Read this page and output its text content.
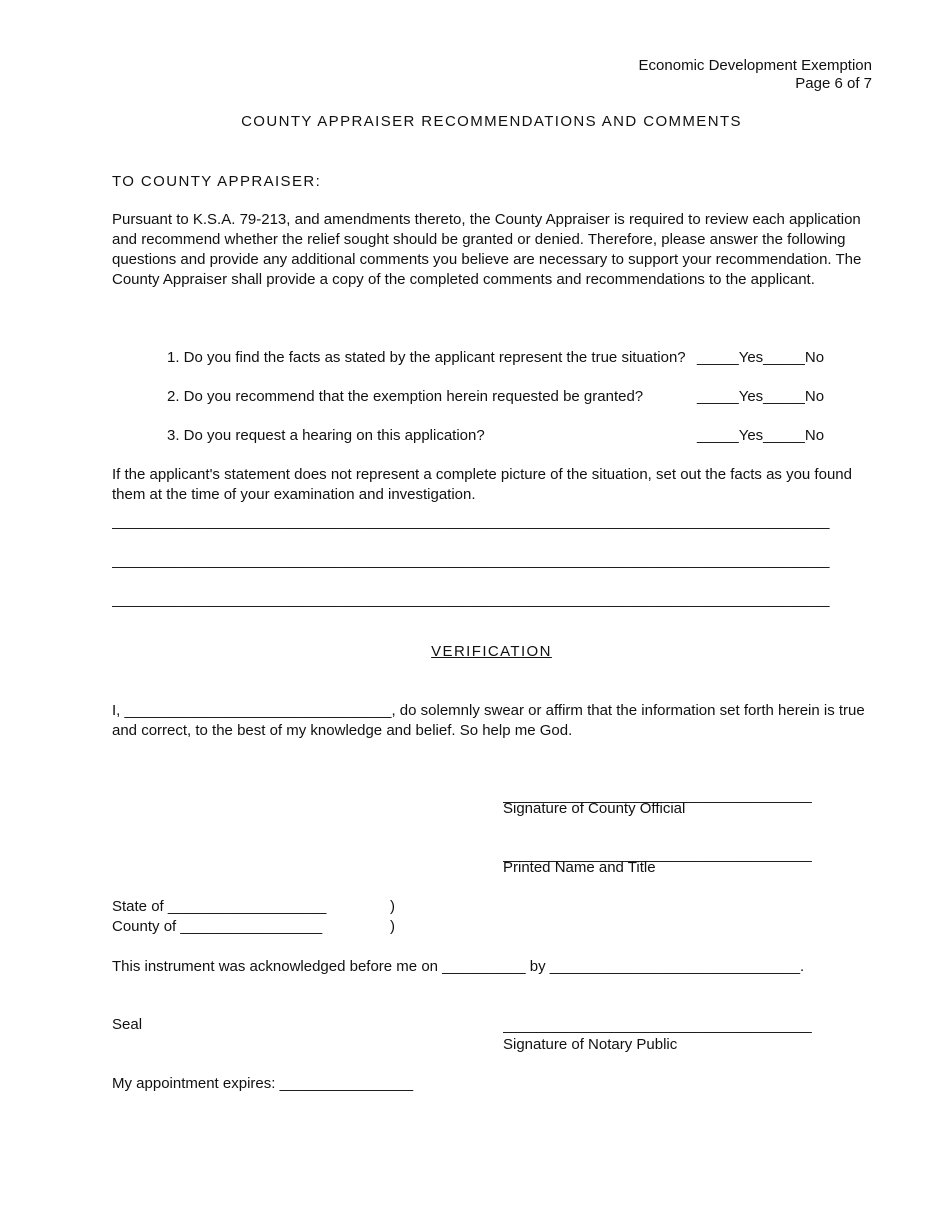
Economic Development Exemption
Page 6 of 7
COUNTY APPRAISER RECOMMENDATIONS AND COMMENTS
TO COUNTY APPRAISER:
Pursuant to K.S.A. 79-213, and amendments thereto, the County Appraiser is required to review each application and recommend whether the relief sought should be granted or denied. Therefore, please answer the following questions and provide any additional comments you believe are necessary to support your recommendation. The County Appraiser shall provide a copy of the completed comments and recommendations to the applicant.
1. Do you find the facts as stated by the applicant represent the true situation? _____Yes_____No
2. Do you recommend that the exemption herein requested be granted?	_____Yes_____No
3. Do you request a hearing on this application?	_____Yes_____No
If the applicant's statement does not represent a complete picture of the situation, set out the facts as you found them at the time of your examination and investigation.
______________________________________________________________________________________
______________________________________________________________________________________
______________________________________________________________________________________
VERIFICATION
I, ________________________________, do solemnly swear or affirm that the information set forth herein is true and correct, to the best of my knowledge and belief. So help me God.
_____________________________________
Signature of County Official
_____________________________________
Printed Name and Title
State of ___________________	)
County of _________________	)
This instrument was acknowledged before me on __________ by ______________________________.
Seal	_____________________________________
Signature of Notary Public
My appointment expires: ________________
